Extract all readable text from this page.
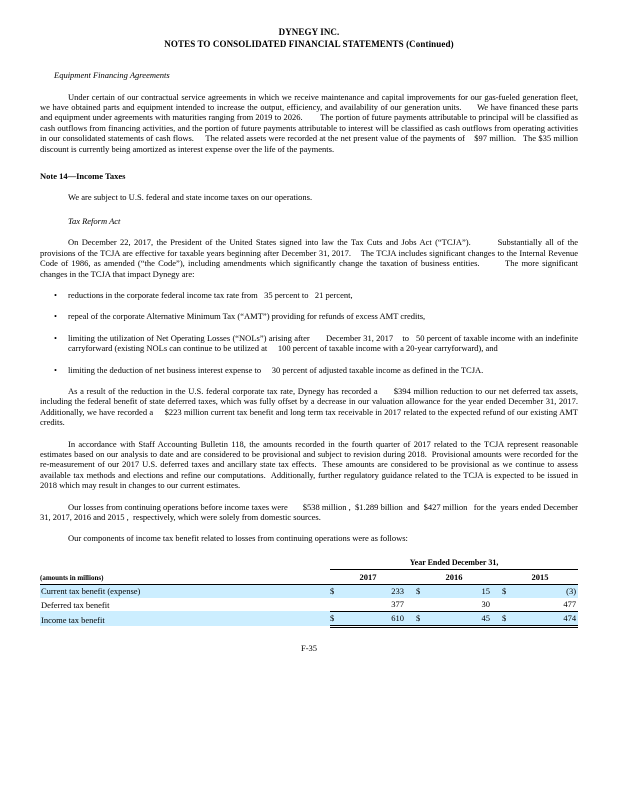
DYNEGY INC.
NOTES TO CONSOLIDATED FINANCIAL STATEMENTS (Continued)
Equipment Financing Agreements
Under certain of our contractual service agreements in which we receive maintenance and capital improvements for our gas-fueled generation fleet, we have obtained parts and equipment intended to increase the output, efficiency, and availability of our generation units.      We have financed these parts and equipment under agreements with maturities ranging from 2019 to 2026.        The portion of future payments attributable to principal will be classified as cash outflows from financing activities, and the portion of future payments attributable to interest will be classified as cash outflows from operating activities in our consolidated statements of cash flows.     The related assets were recorded at the net present value of the payments of    $97 million.   The $35 million discount is currently being amortized as interest expense over the life of the payments.
Note 14—Income Taxes
We are subject to U.S. federal and state income taxes on our operations.
Tax Reform Act
On December 22, 2017, the President of the United States signed into law the Tax Cuts and Jobs Act (“TCJA”).        Substantially all of the provisions of the TCJA are effective for taxable years beginning after December 31, 2017.    The TCJA includes significant changes to the Internal Revenue Code of 1986, as amended (“the Code”), including amendments which significantly change the taxation of business entities.        The more significant changes in the TCJA that impact Dynegy are:
•	reductions in the corporate federal income tax rate from   35 percent to   21 percent,
•	repeal of the corporate Alternative Minimum Tax (“AMT”) providing for refunds of excess AMT credits,
•	limiting the utilization of Net Operating Losses (“NOLs”) arising after       December 31, 2017    to   50 percent of taxable income with an indefinite carryforward (existing NOLs can continue to be utilized at     100 percent of taxable income with a 20-year carryforward), and
•	limiting the deduction of net business interest expense to     30 percent of adjusted taxable income as defined in the TCJA.
As a result of the reduction in the U.S. federal corporate tax rate, Dynegy has recorded a      $394 million reduction to our net deferred tax assets, including the federal benefit of state deferred taxes, which was fully offset by a decrease in our valuation allowance for the year ended December 31, 2017. Additionally, we have recorded a     $223 million current tax benefit and long term tax receivable in 2017 related to the expected refund of our existing AMT credits.
In accordance with Staff Accounting Bulletin 118, the amounts recorded in the fourth quarter of 2017 related to the TCJA represent reasonable estimates based on our analysis to date and are considered to be provisional and subject to revision during 2018.  Provisional amounts were recorded for the re-measurement of our 2017 U.S. deferred taxes and ancillary state tax effects.  These amounts are considered to be provisional as we continue to assess available tax methods and elections and refine our computations.  Additionally, further regulatory guidance related to the TCJA is expected to be issued in 2018 which may result in changes to our current estimates.
Our losses from continuing operations before income taxes were       $538 million ,  $1.289 billion  and  $427 million   for the  years ended December 31, 2017, 2016 and 2015 ,  respectively, which were solely from domestic sources.
Our components of income tax benefit related to losses from continuing operations were as follows:
		Year Ended December 31,							
(amounts in millions)		2017			2016			2015	
Current tax benefit (expense)		$	233		$	15		$	(3)
Deferred tax benefit			377			30			477
Income tax benefit		$	610		$	45		$	474
F-35
